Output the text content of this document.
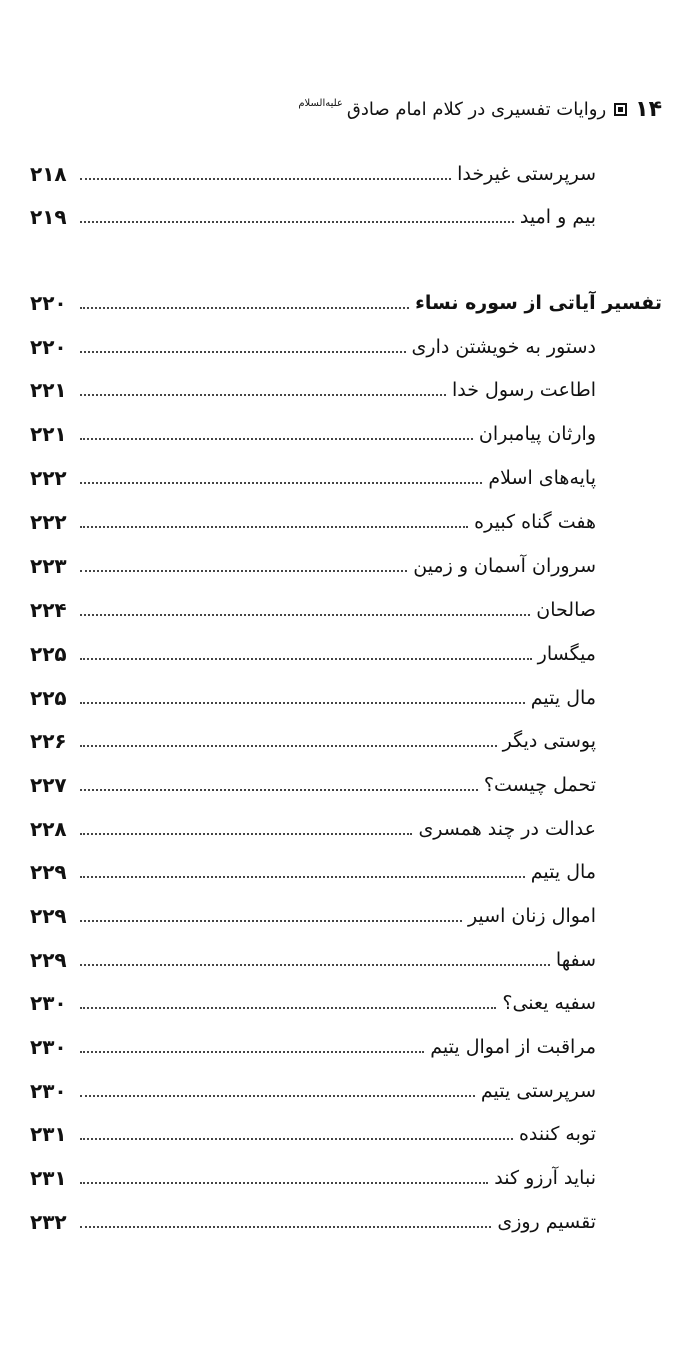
۱۴
روایات تفسیری در کلام امام صادق
علیه‌السلام
سرپرستی غیرخدا
۲۱۸
بیم و امید
۲۱۹
تفسیر آیاتی از سوره نساء
۲۲۰
دستور به خویشتن داری
۲۲۰
اطاعت رسول خدا
۲۲۱
وارثان پیامبران
۲۲۱
پایه‌های اسلام
۲۲۲
هفت گناه کبیره
۲۲۲
سروران آسمان و زمین
۲۲۳
صالحان
۲۲۴
میگسار
۲۲۵
مال یتیم
۲۲۵
پوستی دیگر
۲۲۶
تحمل چیست؟
۲۲۷
عدالت در چند همسری
۲۲۸
مال یتیم
۲۲۹
اموال زنان اسیر
۲۲۹
سفها
۲۲۹
سفیه یعنی؟
۲۳۰
مراقبت از اموال یتیم
۲۳۰
سرپرستی یتیم
۲۳۰
توبه کننده
۲۳۱
نباید آرزو کند
۲۳۱
تقسیم روزی
۲۳۲
